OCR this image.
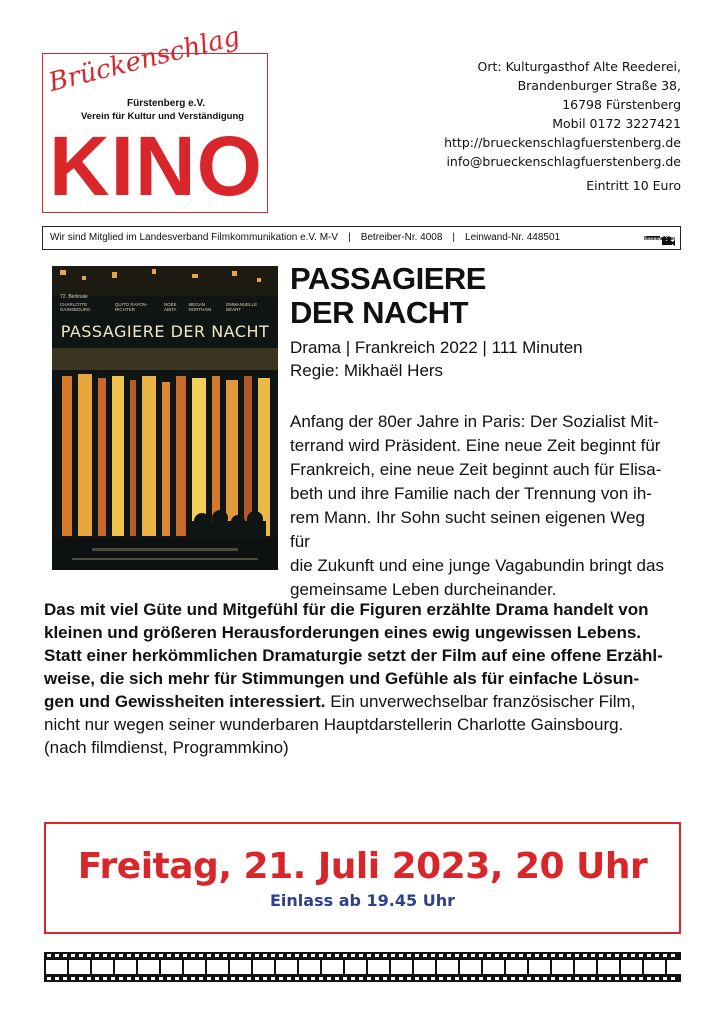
Brückenschlag
Fürstenberg e.V.
Verein für Kultur und Verständigung
KINO
Ort: Kulturgasthof Alte Reederei,
Brandenburger Straße 38,
16798 Fürstenberg
Mobil 0172 3227421
http://brueckenschlagfuerstenberg.de
info@brueckenschlagfuerstenberg.de
Eintritt 10 Euro
Wir sind Mitglied im Landesverband Filmkommunikation e.V. M-V | Betreiber-Nr. 4008 | Leinwand-Nr. 448501	Mobiles Kino
72. Berlinale
CHARLOTTE GAINSBOURG
QUITO RAYON-RICHTER
NOÉE ABITA
MEGAN NORTHAM
EMMANUELLE BÉART
PASSAGIERE DER NACHT
PASSAGIERE
DER NACHT
Drama | Frankreich 2022 | 111 Minuten
Regie: Mikhaël Hers
Anfang der 80er Jahre in Paris: Der Sozialist Mit-
terrand wird Präsident. Eine neue Zeit beginnt für
Frankreich, eine neue Zeit beginnt auch für Elisa-
beth und ihre Familie nach der Trennung von ih-
rem Mann. Ihr Sohn sucht seinen eigenen Weg für
die Zukunft und eine junge Vagabundin bringt das
gemeinsame Leben durcheinander.
Das mit viel Güte und Mitgefühl für die Figuren erzählte Drama handelt von
kleinen und größeren Herausforderungen eines ewig ungewissen Lebens.
Statt einer herkömmlichen Dramaturgie setzt der Film auf eine offene Erzähl-
weise, die sich mehr für Stimmungen und Gefühle als für einfache Lösun-
gen und Gewissheiten interessiert. Ein unverwechselbar französischer Film,
nicht nur wegen seiner wunderbaren Hauptdarstellerin Charlotte Gainsbourg.
(nach filmdienst, Programmkino)
Freitag, 21. Juli 2023, 20 Uhr
Einlass ab 19.45 Uhr
